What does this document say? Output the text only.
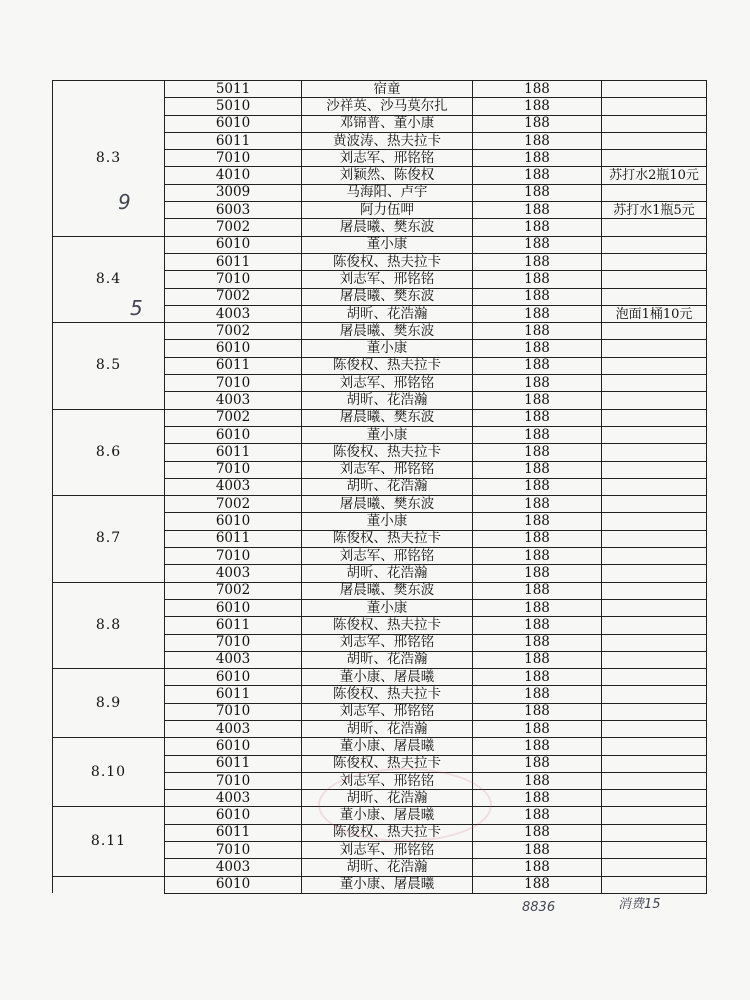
8.3	5011	宿童	188	
	5010	沙祥英、沙马莫尔扎	188	
	6010	邓锦普、董小康	188	
	6011	黄波涛、热夫拉卡	188	
	7010	刘志军、邢铭铭	188	
	4010	刘颖然、陈俊权	188	苏打水2瓶10元
	3009	马海阳、卢宇	188	
	6003	阿力伍呷	188	苏打水1瓶5元
	7002	屠晨曦、樊东波	188	
8.4	6010	董小康	188	
	6011	陈俊权、热夫拉卡	188	
	7010	刘志军、邢铭铭	188	
	7002	屠晨曦、樊东波	188	
	4003	胡昕、花浩瀚	188	泡面1桶10元
8.5	7002	屠晨曦、樊东波	188	
	6010	董小康	188	
	6011	陈俊权、热夫拉卡	188	
	7010	刘志军、邢铭铭	188	
	4003	胡昕、花浩瀚	188	
8.6	7002	屠晨曦、樊东波	188	
	6010	董小康	188	
	6011	陈俊权、热夫拉卡	188	
	7010	刘志军、邢铭铭	188	
	4003	胡昕、花浩瀚	188	
8.7	7002	屠晨曦、樊东波	188	
	6010	董小康	188	
	6011	陈俊权、热夫拉卡	188	
	7010	刘志军、邢铭铭	188	
	4003	胡昕、花浩瀚	188	
8.8	7002	屠晨曦、樊东波	188	
	6010	董小康	188	
	6011	陈俊权、热夫拉卡	188	
	7010	刘志军、邢铭铭	188	
	4003	胡昕、花浩瀚	188	
8.9	6010	董小康、屠晨曦	188	
	6011	陈俊权、热夫拉卡	188	
	7010	刘志军、邢铭铭	188	
	4003	胡昕、花浩瀚	188	
8.10	6010	董小康、屠晨曦	188	
	6011	陈俊权、热夫拉卡	188	
	7010	刘志军、邢铭铭	188	
	4003	胡昕、花浩瀚	188	
8.11	6010	董小康、屠晨曦	188	
	6011	陈俊权、热夫拉卡	188	
	7010	刘志军、邢铭铭	188	
	4003	胡昕、花浩瀚	188	
	6010	董小康、屠晨曦	188	
9
5
8836	消费15
